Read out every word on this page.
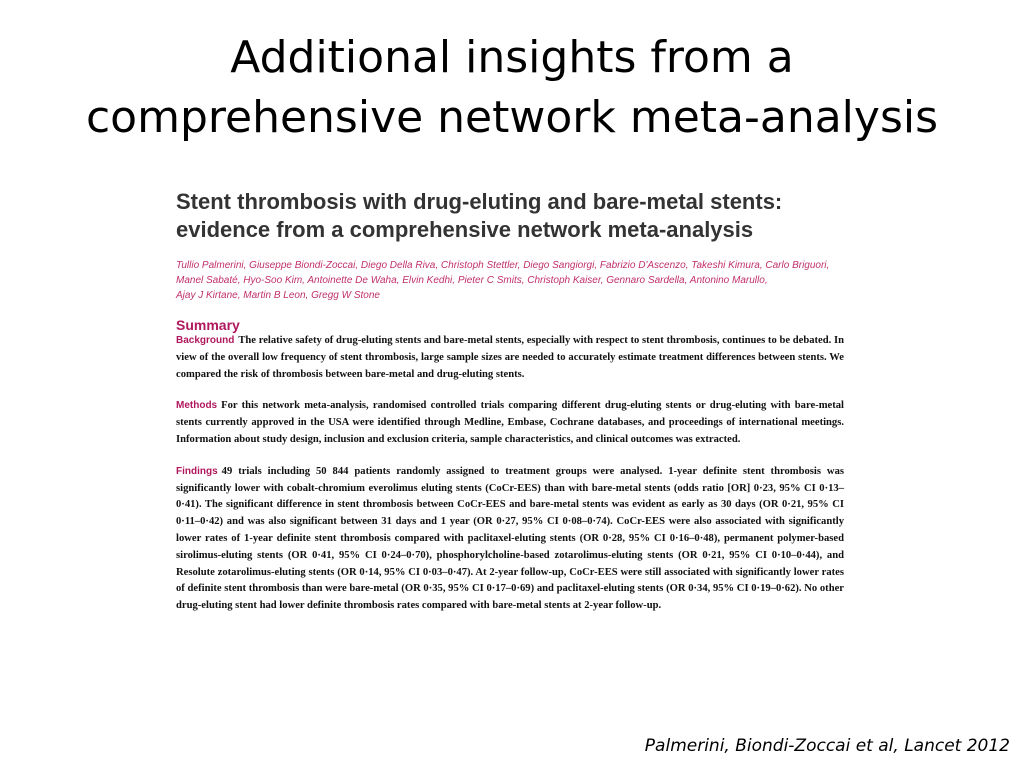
Additional insights from a
comprehensive network meta-analysis
Stent thrombosis with drug-eluting and bare-metal stents:
evidence from a comprehensive network meta-analysis
Tullio Palmerini, Giuseppe Biondi-Zoccai, Diego Della Riva, Christoph Stettler, Diego Sangiorgi, Fabrizio D'Ascenzo, Takeshi Kimura, Carlo Briguori,
Manel Sabaté, Hyo-Soo Kim, Antoinette De Waha, Elvin Kedhi, Pieter C Smits, Christoph Kaiser, Gennaro Sardella, Antonino Marullo,
Ajay J Kirtane, Martin B Leon, Gregg W Stone

Summary

Background The relative safety of drug-eluting stents and bare-metal stents, especially with respect to stent thrombosis, continues to be debated. In view of the overall low frequency of stent thrombosis, large sample sizes are needed to accurately estimate treatment differences between stents. We compared the risk of thrombosis between bare-metal and drug-eluting stents.

Methods For this network meta-analysis, randomised controlled trials comparing different drug-eluting stents or drug-eluting with bare-metal stents currently approved in the USA were identified through Medline, Embase, Cochrane databases, and proceedings of international meetings. Information about study design, inclusion and exclusion criteria, sample characteristics, and clinical outcomes was extracted.

Findings 49 trials including 50 844 patients randomly assigned to treatment groups were analysed. 1-year definite stent thrombosis was significantly lower with cobalt-chromium everolimus eluting stents (CoCr-EES) than with bare-metal stents (odds ratio [OR] 0·23, 95% CI 0·13–0·41). The significant difference in stent thrombosis between CoCr-EES and bare-metal stents was evident as early as 30 days (OR 0·21, 95% CI 0·11–0·42) and was also significant between 31 days and 1 year (OR 0·27, 95% CI 0·08–0·74). CoCr-EES were also associated with significantly lower rates of 1-year definite stent thrombosis compared with paclitaxel-eluting stents (OR 0·28, 95% CI 0·16–0·48), permanent polymer-based sirolimus-eluting stents (OR 0·41, 95% CI 0·24–0·70), phosphorylcholine-based zotarolimus-eluting stents (OR 0·21, 95% CI 0·10–0·44), and Resolute zotarolimus-eluting stents (OR 0·14, 95% CI 0·03–0·47). At 2-year follow-up, CoCr-EES were still associated with significantly lower rates of definite stent thrombosis than were bare-metal (OR 0·35, 95% CI 0·17–0·69) and paclitaxel-eluting stents (OR 0·34, 95% CI 0·19–0·62). No other drug-eluting stent had lower definite thrombosis rates compared with bare-metal stents at 2-year follow-up.

Palmerini, Biondi-Zoccai et al, Lancet 2012
